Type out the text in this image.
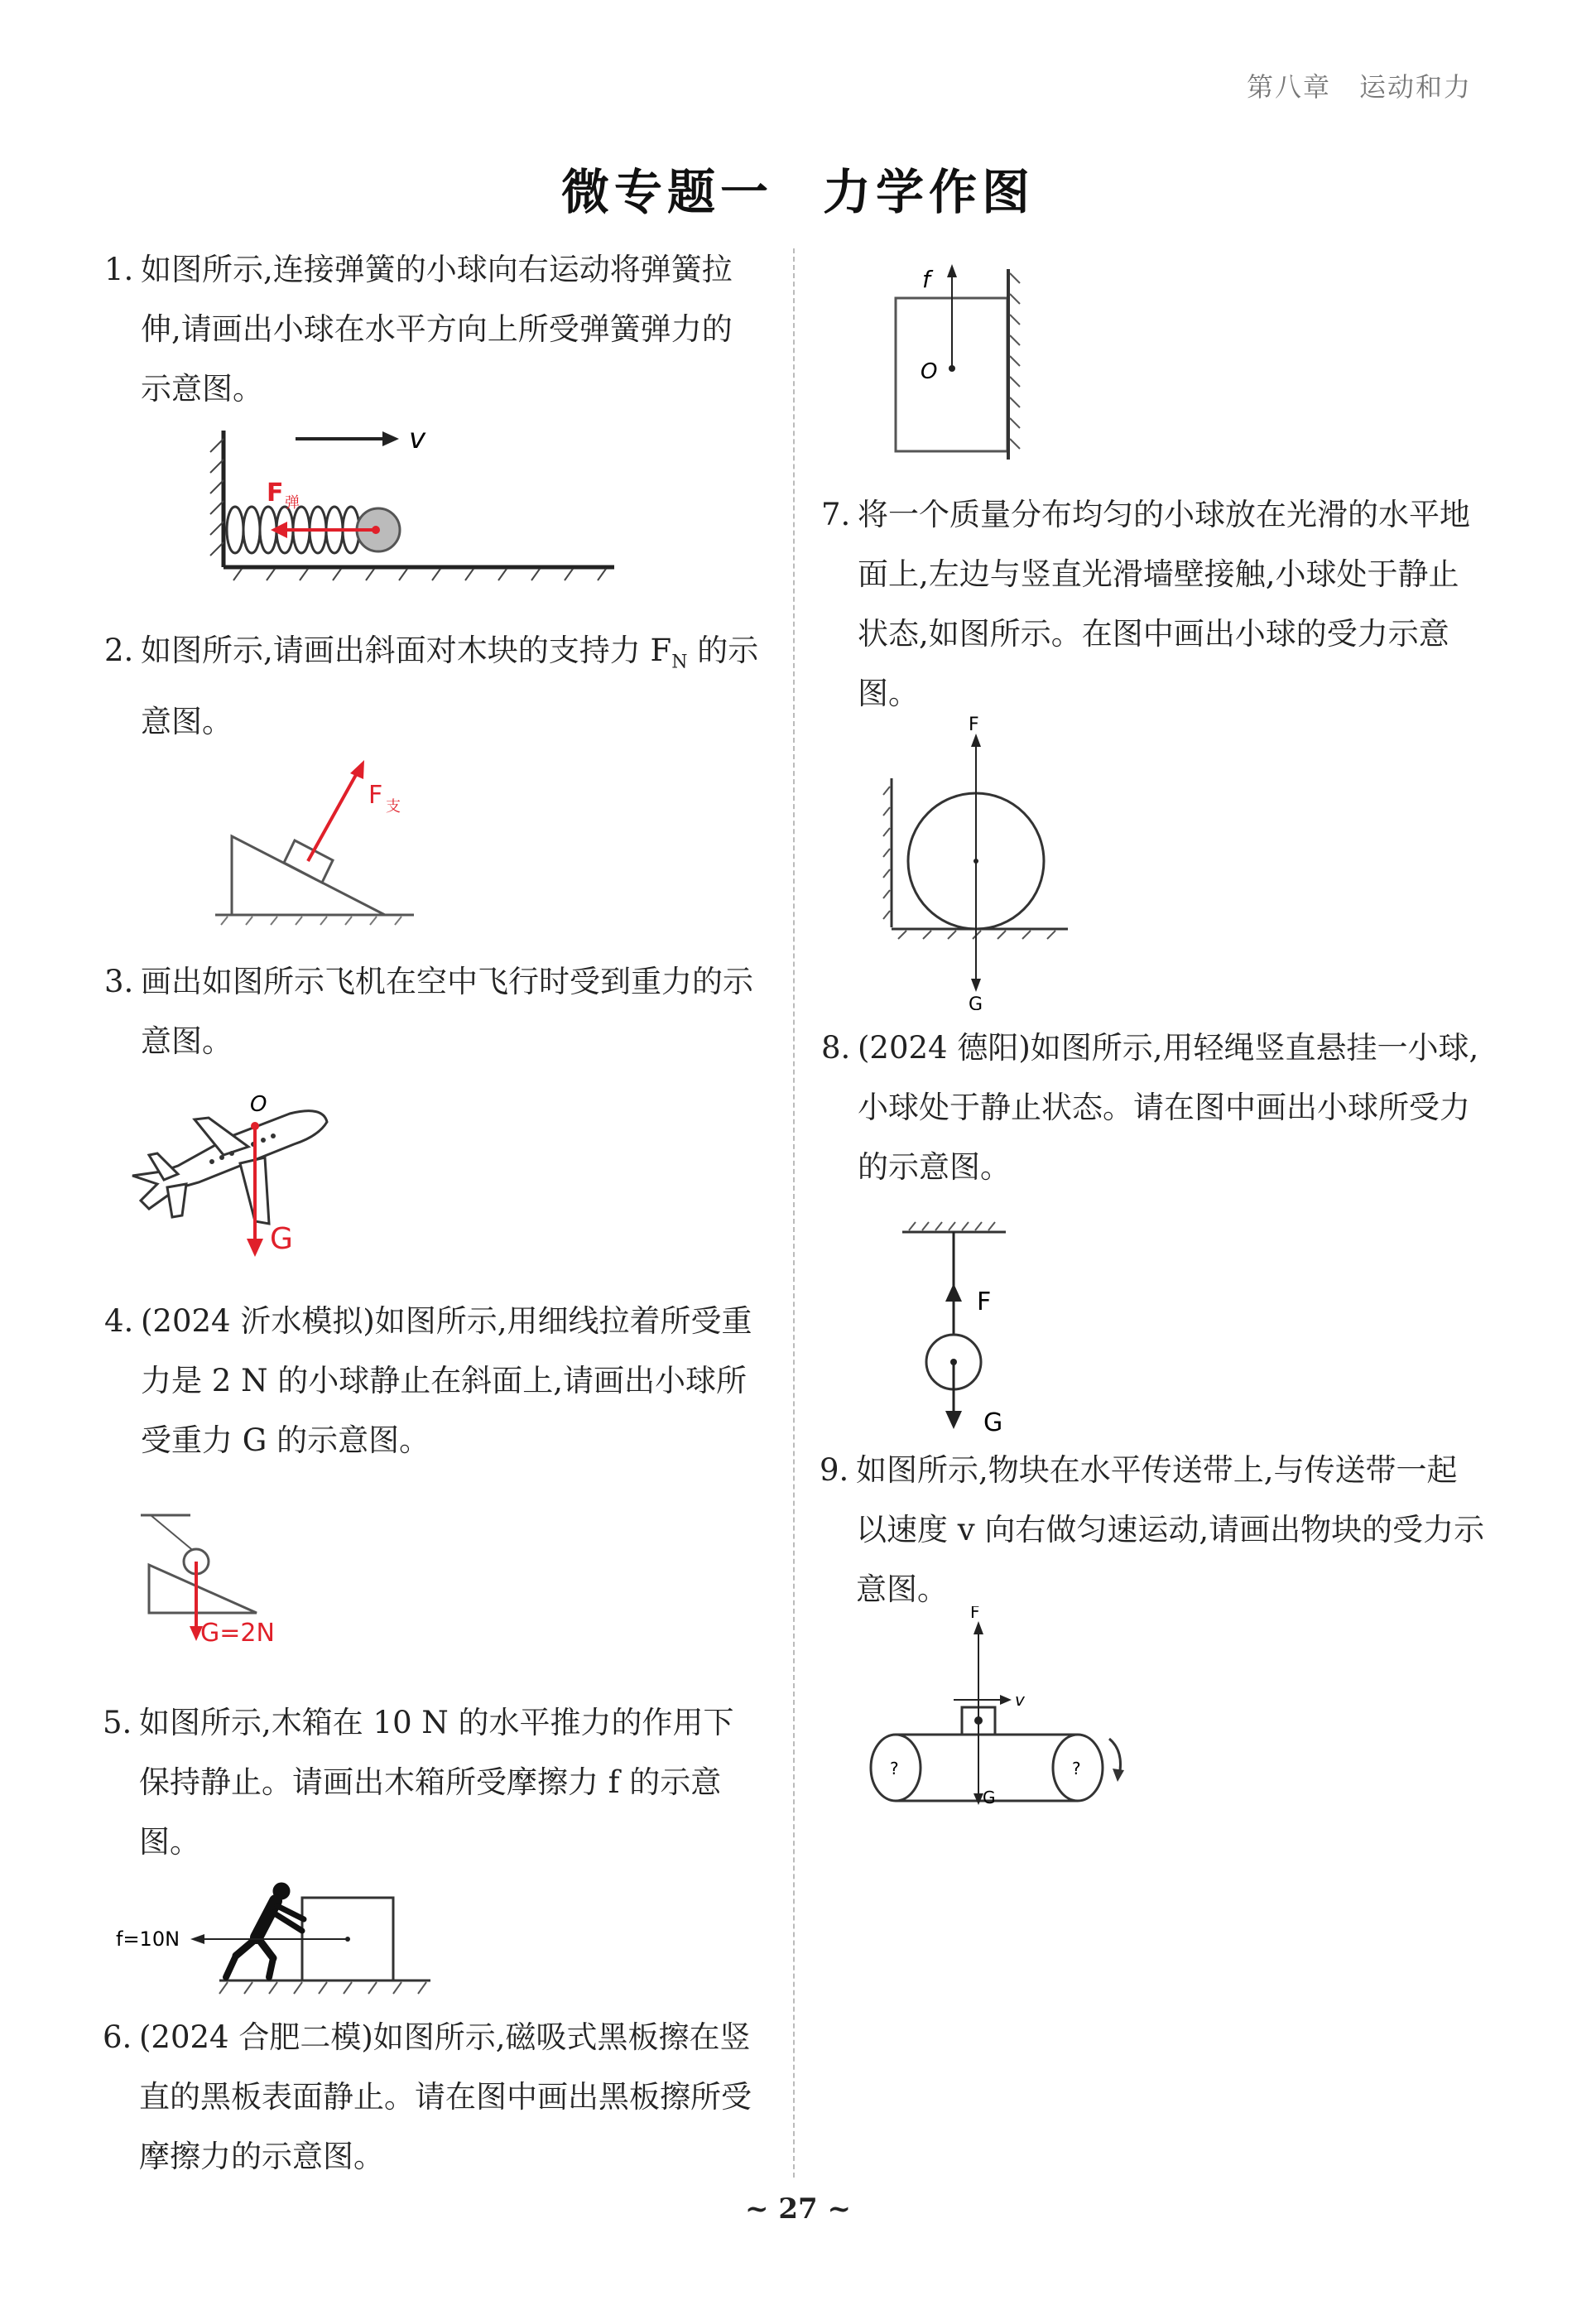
第八章　运动和力
微专题一 力学作图
1. 如图所示,连接弹簧的小球向右运动将弹簧拉伸,请画出小球在水平方向上所受弹簧弹力的示意图。
v
F 弹
2. 如图所示,请画出斜面对木块的支持力 $F_N$ 的示意图。
F 支
3. 画出如图所示飞机在空中飞行时受到重力的示意图。
O
G
4. (2024 沂水模拟)如图所示,用细线拉着所受重力是 2 N 的小球静止在斜面上,请画出小球所受重力 G 的示意图。
G=2N
5. 如图所示,木箱在 10 N 的水平推力的作用下保持静止。请画出木箱所受摩擦力 f 的示意图。
f=10N
6. (2024 合肥二模)如图所示,磁吸式黑板擦在竖直的黑板表面静止。请在图中画出黑板擦所受摩擦力的示意图。
f
O
7. 将一个质量分布均匀的小球放在光滑的水平地面上,左边与竖直光滑墙壁接触,小球处于静止状态,如图所示。在图中画出小球的受力示意图。
F
G
8. (2024 德阳)如图所示,用轻绳竖直悬挂一小球,小球处于静止状态。请在图中画出小球所受力的示意图。
F
G
9. 如图所示,物块在水平传送带上,与传送带一起以速度 v 向右做匀速运动,请画出物块的受力示意图。
?	?
F
v
G
~ 27 ~
